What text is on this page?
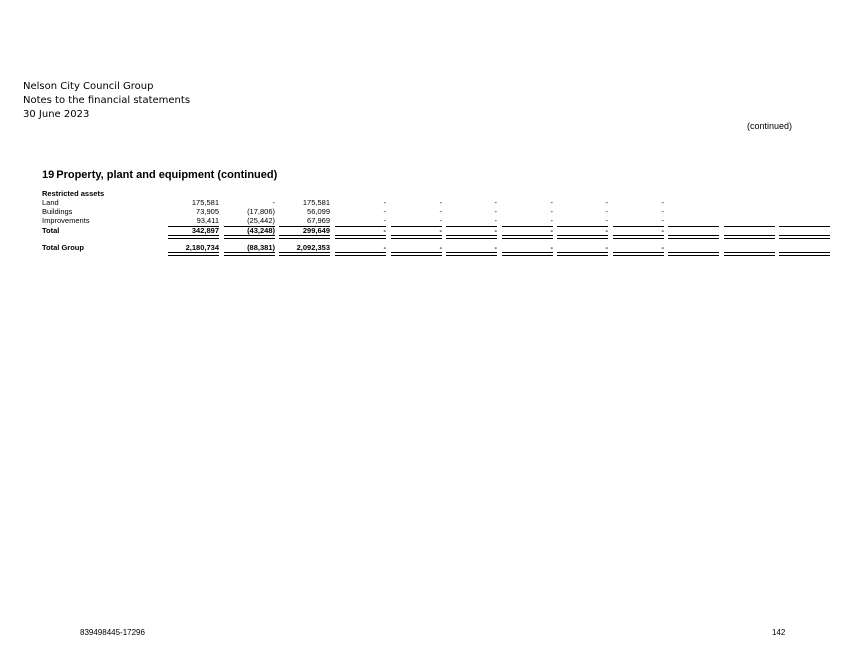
Nelson City Council Group
Notes to the financial statements
30 June 2023
(continued)
19 Property, plant and equipment (continued)
Restricted assets
Land	175,581	-	175,581	-	-	-	-	-	-
Buildings	73,905	(17,806)	56,099	-	-	-	-	-	-
Improvements	93,411	(25,442)	67,969	-	-	-	-	-	-
Total	342,897	(43,248)	299,649	-	-	-	-	-	-
Total Group	2,180,734	(88,381)	2,092,353	-	-	-	-	-	-
839498445-17296	142
